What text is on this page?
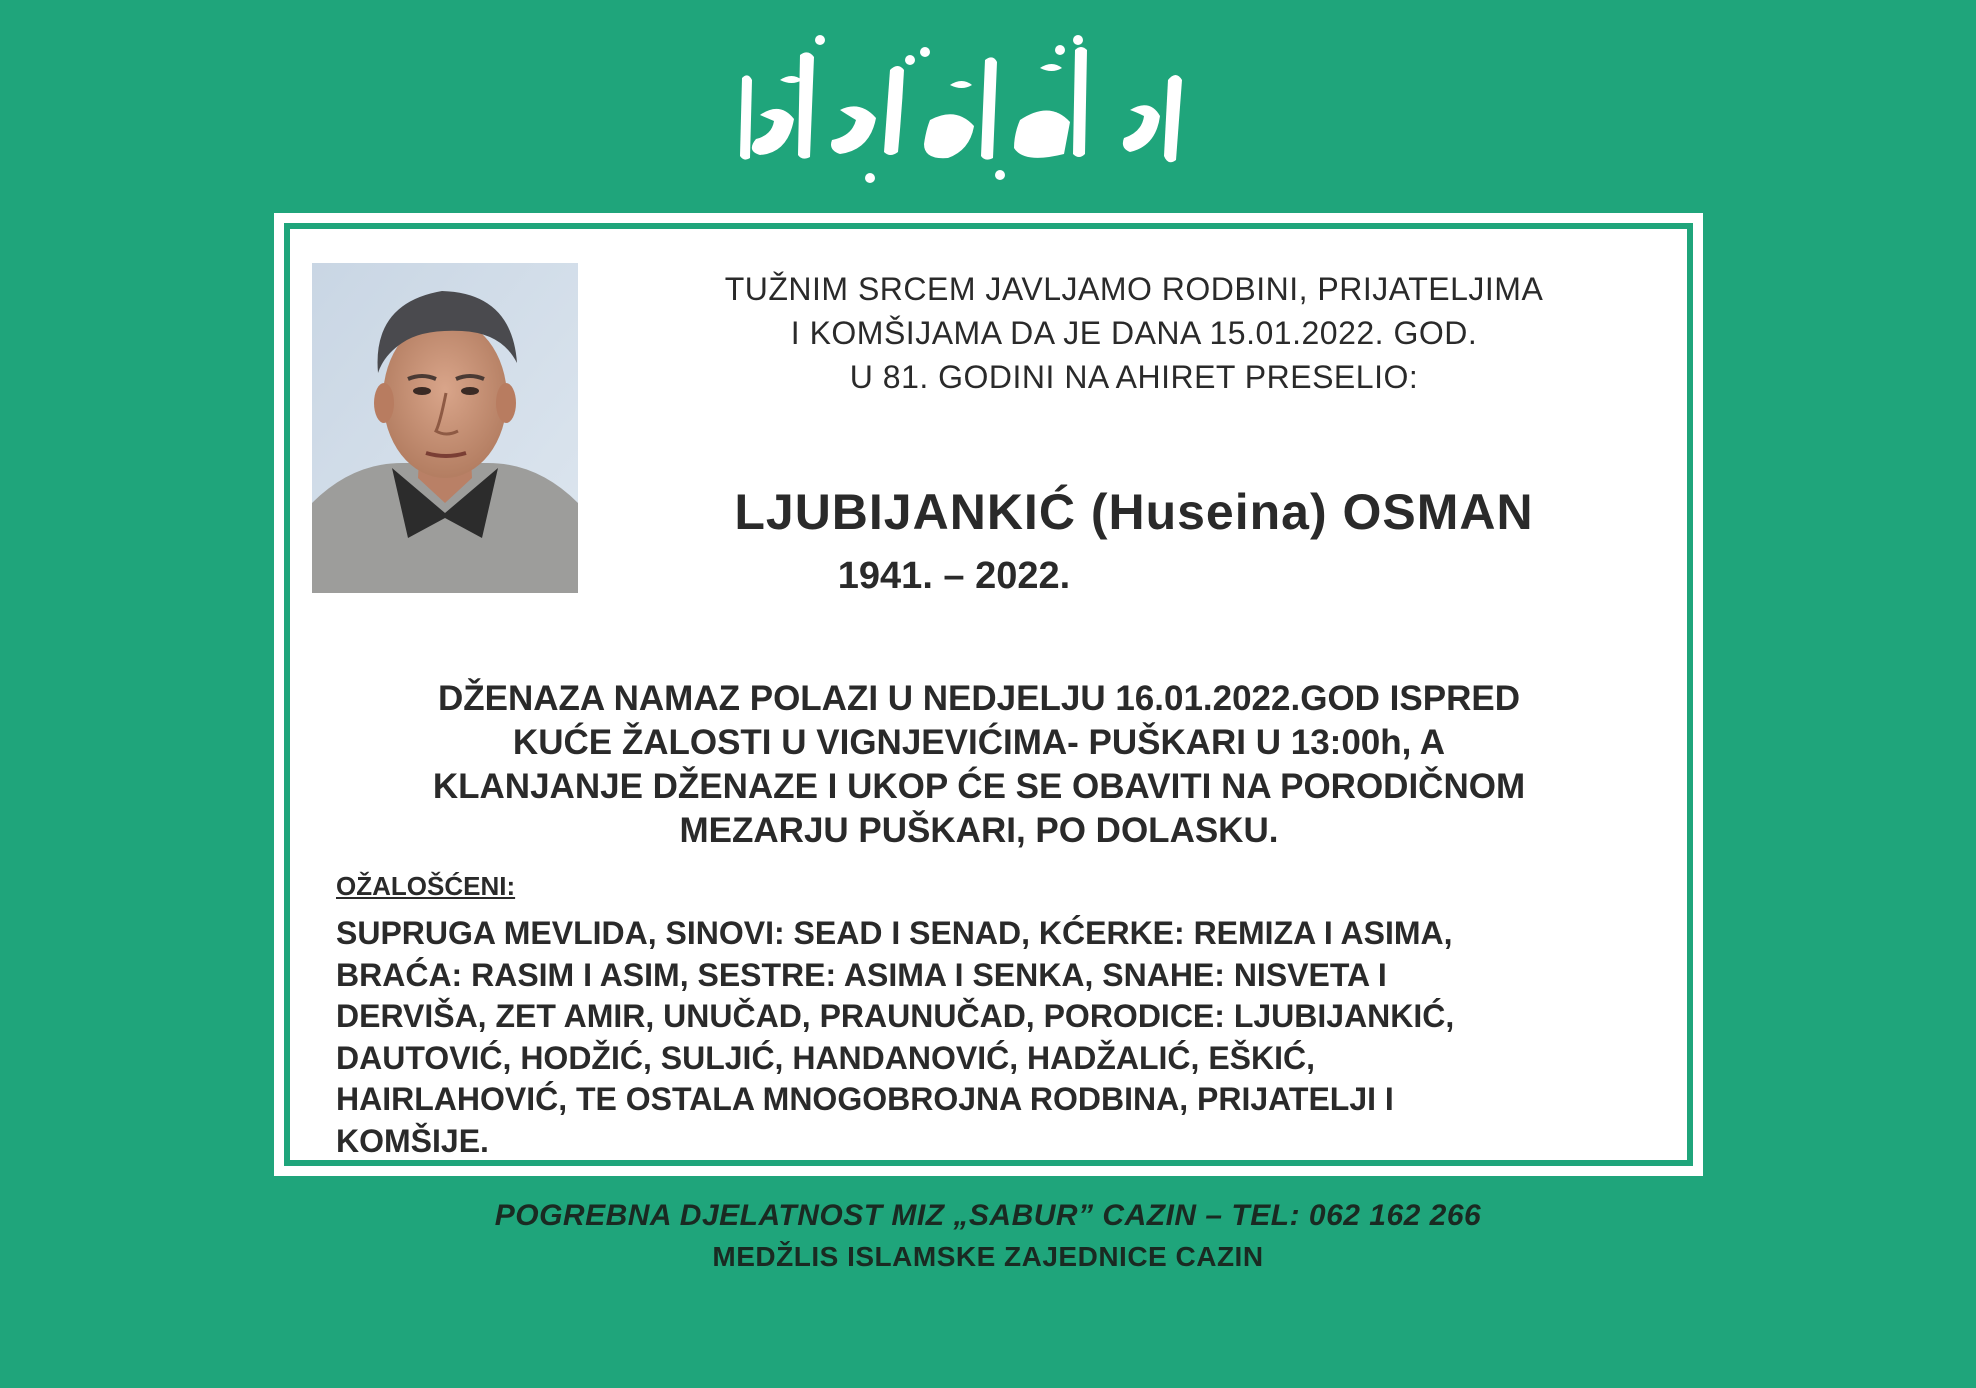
TUŽNIM SRCEM JAVLJAMO RODBINI, PRIJATELJIMA
I KOMŠIJAMA DA JE DANA 15.01.2022. GOD.
U 81. GODINI NA AHIRET PRESELIO:
LJUBIJANKIĆ (Huseina) OSMAN
1941. – 2022.
DŽENAZA NAMAZ POLAZI U NEDJELJU 16.01.2022.GOD ISPRED
KUĆE ŽALOSTI U VIGNJEVIĆIMA- PUŠKARI U 13:00h, A
KLANJANJE DŽENAZE I UKOP ĆE SE OBAVITI NA PORODIČNOM
MEZARJU PUŠKARI, PO DOLASKU.
OŽALOŠĆENI:
SUPRUGA MEVLIDA, SINOVI: SEAD I SENAD, KĆERKE: REMIZA I ASIMA,
BRAĆA: RASIM I ASIM, SESTRE: ASIMA I SENKA, SNAHE: NISVETA I
DERVIŠA, ZET AMIR, UNUČAD, PRAUNUČAD, PORODICE: LJUBIJANKIĆ,
DAUTOVIĆ, HODŽIĆ, SULJIĆ, HANDANOVIĆ, HADŽALIĆ, EŠKIĆ,
HAIRLAHOVIĆ, TE OSTALA MNOGOBROJNA RODBINA, PRIJATELJI I
KOMŠIJE.
POGREBNA DJELATNOST MIZ „SABUR” CAZIN – TEL: 062 162 266
MEDŽLIS ISLAMSKE ZAJEDNICE CAZIN
